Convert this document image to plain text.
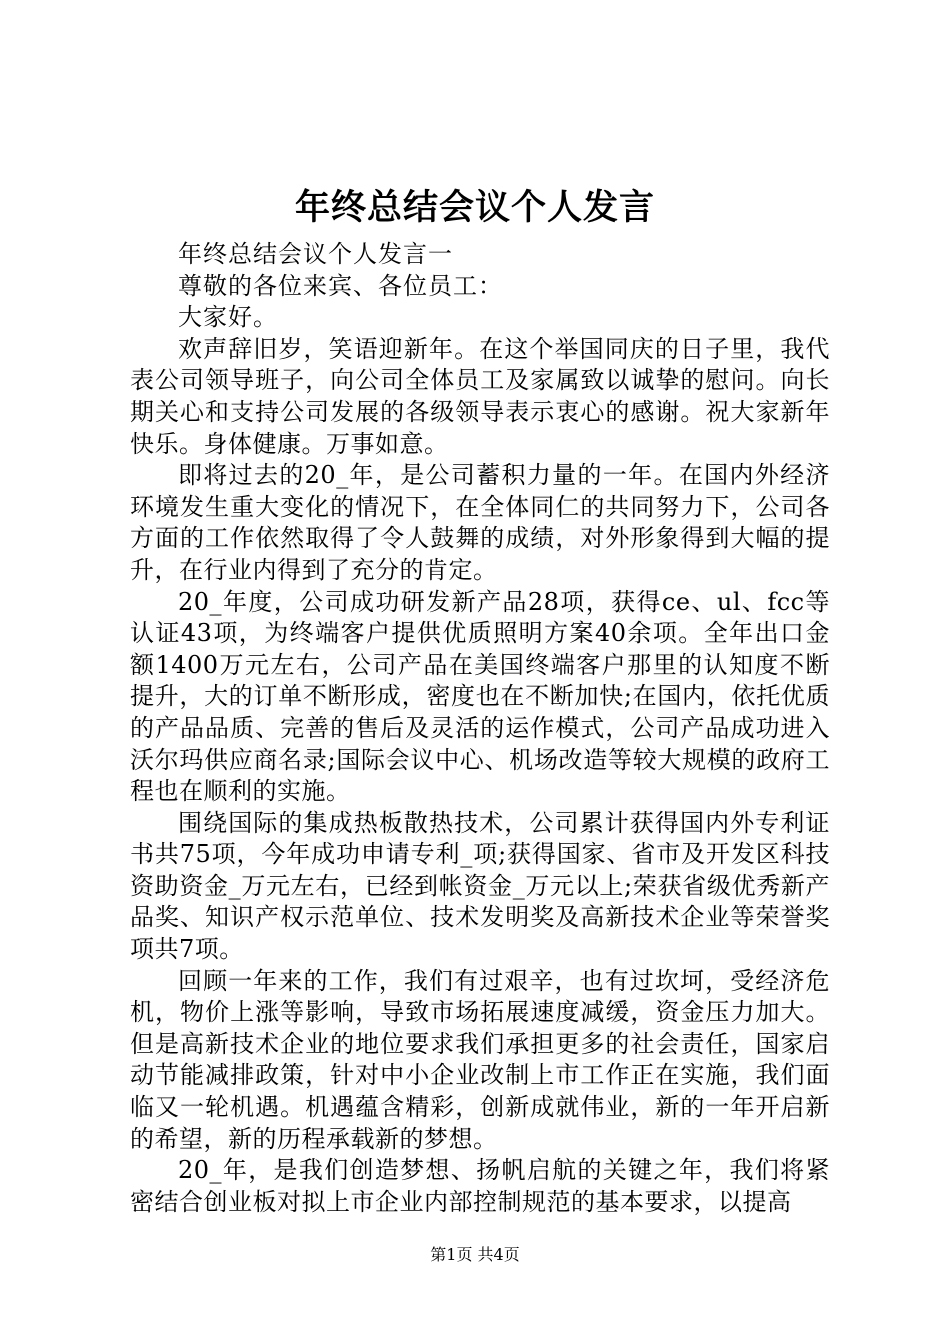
年终总结会议个人发言

年终总结会议个人发言一

尊敬的各位来宾、各位员工：

大家好。

欢声辞旧岁，笑语迎新年。在这个举国同庆的日子里，我代表公司领导班子，向公司全体员工及家属致以诚挚的慰问。向长期关心和支持公司发展的各级领导表示衷心的感谢。祝大家新年快乐。身体健康。万事如意。

即将过去的20_年，是公司蓄积力量的一年。在国内外经济环境发生重大变化的情况下，在全体同仁的共同努力下，公司各方面的工作依然取得了令人鼓舞的成绩，对外形象得到大幅的提升，在行业内得到了充分的肯定。

20_年度，公司成功研发新产品28项，获得ce、ul、fcc等认证43项，为终端客户提供优质照明方案40余项。全年出口金额1400万元左右，公司产品在美国终端客户那里的认知度不断提升，大的订单不断形成，密度也在不断加快;在国内，依托优质的产品品质、完善的售后及灵活的运作模式，公司产品成功进入沃尔玛供应商名录;国际会议中心、机场改造等较大规模的政府工程也在顺利的实施。

围绕国际的集成热板散热技术，公司累计获得国内外专利证书共75项，今年成功申请专利_项;获得国家、省市及开发区科技资助资金_万元左右，已经到帐资金_万元以上;荣获省级优秀新产品奖、知识产权示范单位、技术发明奖及高新技术企业等荣誉奖项共7项。

回顾一年来的工作，我们有过艰辛，也有过坎坷，受经济危机，物价上涨等影响，导致市场拓展速度减缓，资金压力加大。但是高新技术企业的地位要求我们承担更多的社会责任，国家启动节能减排政策，针对中小企业改制上市工作正在实施，我们面临又一轮机遇。机遇蕴含精彩，创新成就伟业，新的一年开启新的希望，新的历程承载新的梦想。

20_年，是我们创造梦想、扬帆启航的关键之年，我们将紧密结合创业板对拟上市企业内部控制规范的基本要求，以提高

第1页 共4页
